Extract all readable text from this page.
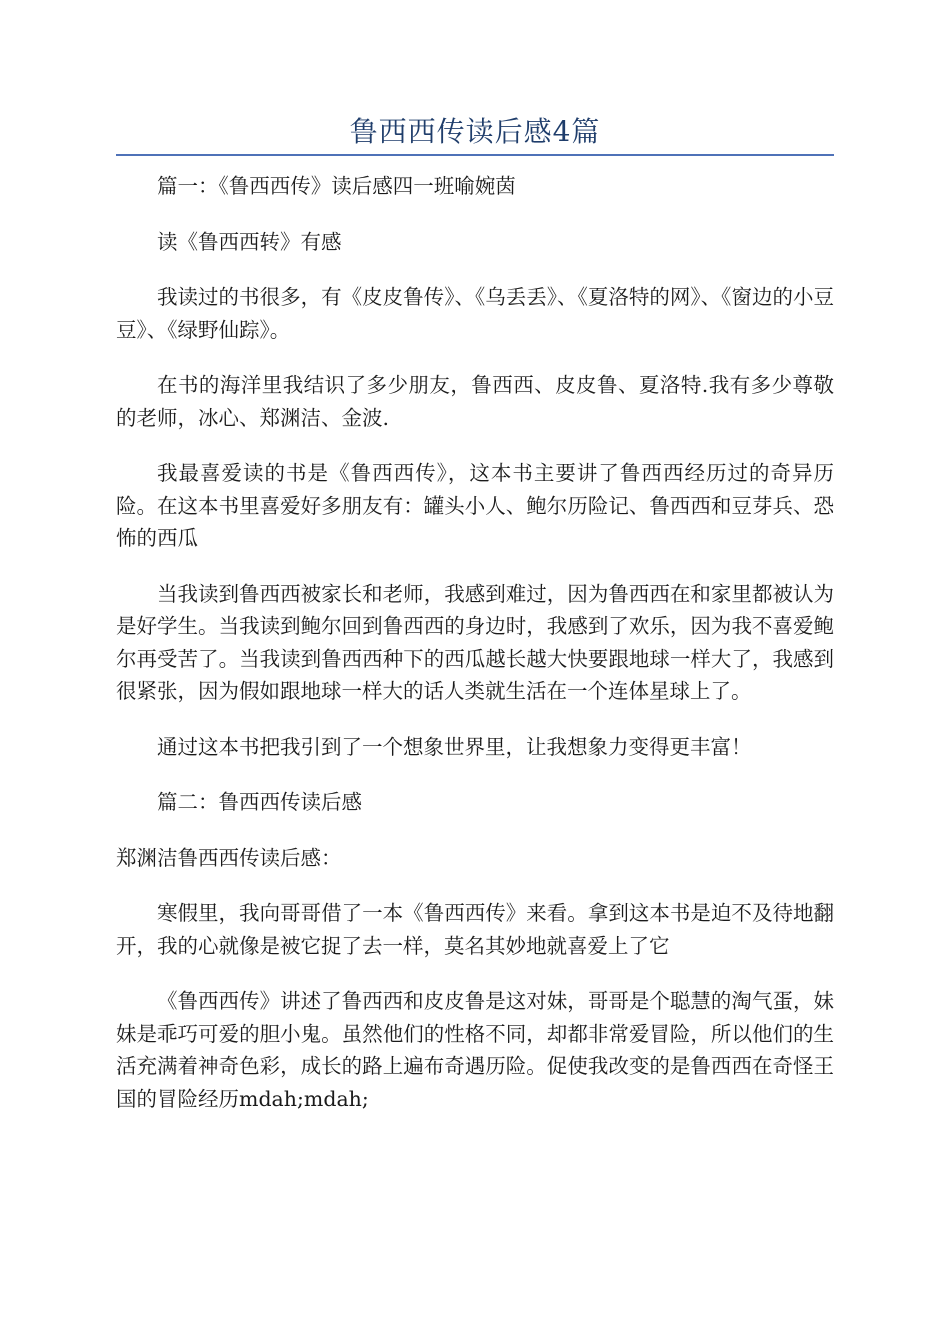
鲁西西传读后感4篇

篇一：《鲁西西传》读后感四一班喻婉茵

读《鲁西西转》有感

我读过的书很多，有《皮皮鲁传》、《乌丢丢》、《夏洛特的网》、《窗边的小豆豆》、《绿野仙踪》。

在书的海洋里我结识了多少朋友，鲁西西、皮皮鲁、夏洛特.我有多少尊敬的老师，冰心、郑渊洁、金波.

我最喜爱读的书是《鲁西西传》，这本书主要讲了鲁西西经历过的奇异历险。在这本书里喜爱好多朋友有：罐头小人、鲍尔历险记、鲁西西和豆芽兵、恐怖的西瓜

当我读到鲁西西被家长和老师，我感到难过，因为鲁西西在和家里都被认为是好学生。当我读到鲍尔回到鲁西西的身边时，我感到了欢乐，因为我不喜爱鲍尔再受苦了。当我读到鲁西西种下的西瓜越长越大快要跟地球一样大了，我感到很紧张，因为假如跟地球一样大的话人类就生活在一个连体星球上了。

通过这本书把我引到了一个想象世界里，让我想象力变得更丰富！

篇二：鲁西西传读后感

郑渊洁鲁西西传读后感：

寒假里，我向哥哥借了一本《鲁西西传》来看。拿到这本书是迫不及待地翻开，我的心就像是被它捉了去一样，莫名其妙地就喜爱上了它

《鲁西西传》讲述了鲁西西和皮皮鲁是这对妹，哥哥是个聪慧的淘气蛋，妹妹是乖巧可爱的胆小鬼。虽然他们的性格不同，却都非常爱冒险，所以他们的生活充满着神奇色彩，成长的路上遍布奇遇历险。促使我改变的是鲁西西在奇怪王国的冒险经历mdah;mdah;
